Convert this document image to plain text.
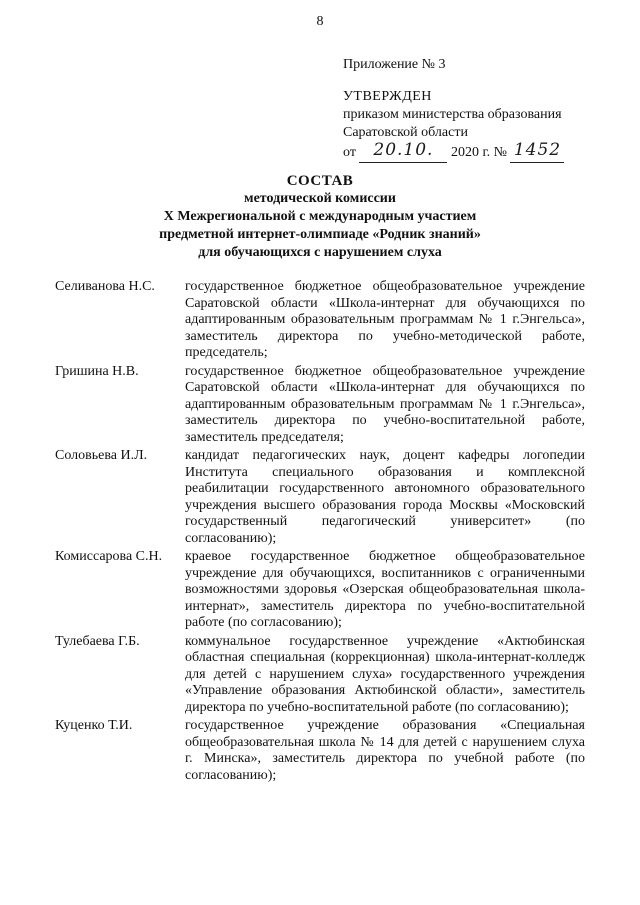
8
Приложение № 3
УТВЕРЖДЕН
приказом министерства образования
Саратовской области
от 20.10. 2020 г. № 1452
СОСТАВ
методической комиссии
X Межрегиональной с международным участием
предметной интернет-олимпиаде «Родник знаний»
для обучающихся с нарушением слуха
Селиванова Н.С.	государственное бюджетное общеобразовательное учреждение Саратовской области «Школа-интернат для обучающихся по адаптированным образовательным программам № 1 г.Энгельса», заместитель директора по учебно-методической работе, председатель;
Гришина Н.В.	государственное бюджетное общеобразовательное учреждение Саратовской области «Школа-интернат для обучающихся по адаптированным образовательным программам № 1 г.Энгельса», заместитель директора по учебно-воспитательной работе, заместитель председателя;
Соловьева И.Л.	кандидат педагогических наук, доцент кафедры логопедии Института специального образования и комплексной реабилитации государственного автономного образовательного учреждения высшего образования города Москвы «Московский государственный педагогический университет» (по согласованию);
Комиссарова С.Н.	краевое государственное бюджетное общеобразовательное учреждение для обучающихся, воспитанников с ограниченными возможностями здоровья «Озерская общеобразовательная школа-интернат», заместитель директора по учебно-воспитательной работе (по согласованию);
Тулебаева Г.Б.	коммунальное государственное учреждение «Актюбинская областная специальная (коррекционная) школа-интернат-колледж для детей с нарушением слуха» государственного учреждения «Управление образования Актюбинской области», заместитель директора по учебно-воспитательной работе (по согласованию);
Куценко Т.И.	государственное учреждение образования «Специальная общеобразовательная школа № 14 для детей с нарушением слуха г. Минска», заместитель директора по учебной работе (по согласованию);
